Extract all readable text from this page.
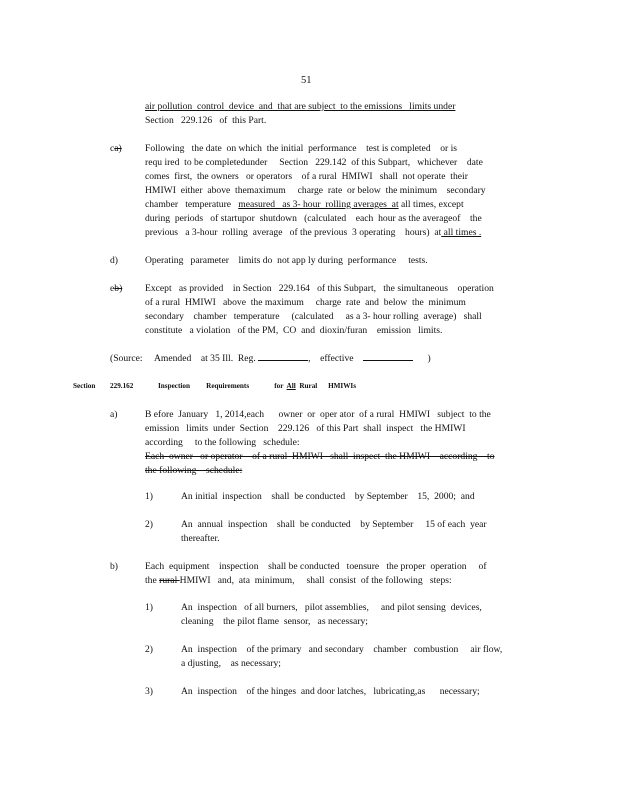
51
air pollution  control  device  and  that are subject  to the emissions   limits under
Section   229.126   of  this Part.
ca) Following   the date  on which  the initial  performance    test is completed    or is
requ ired  to be completedunder     Section   229.142  of this Subpart,   whichever    date
comes  first,  the owners   or operators    of a rural  HMIWI   shall  not operate  their
HMIWI  either  above  themaximum     charge  rate  or below  the minimum    secondary
chamber   temperature measured   as 3- hour  rolling averages  at all times, except
during  periods   of startupor  shutdown   (calculated    each  hour as the averageof    the
previous   a 3-hour  rolling  average   of the previous  3 operating    hours)  at all times .
d)	Operating   parameter    limits do  not app ly during  performance     tests.
eb) Except   as provided    in Section   229.164   of this Subpart,   the simultaneous    operation
of a rural  HMIWI   above  the maximum     charge  rate  and  below  the  minimum
secondary    chamber   temperature     (calculated     as a 3- hour rolling  average)   shall
constitute   a violation   of the PM,  CO  and  dioxin/furan    emission   limits.
(Source:     Amended    at 35 Ill.  Reg.	,    effective	)
Section 229.162	Inspection         Requirements              for All Rural HMIWIs
a)	B efore  January   1, 2014,each      owner  or  oper ator  of a rural  HMIWI   subject  to the
emission   limits  under  Section    229.126   of this Part  shall  inspect   the HMIWI
according     to the following   schedule:
Each  owner   or operator    of a rural  HMIWI   shall  inspect  the HMIWI    according    to
the following    schedule:
1)	An initial  inspection    shall  be conducted    by September    15,  2000;  and
2)	An  annual  inspection    shall  be conducted    by September     15 of each  year
thereafter.
b)	Each  equipment    inspection    shall be conducted   toensure   the proper  operation     of
the rural HMIWI   and,  ata  minimum,     shall  consist  of the following   steps:
1)	An  inspection   of all burners,   pilot assemblies,     and pilot sensing  devices,
cleaning    the pilot flame  sensor,   as necessary;
2)	An  inspection    of the primary   and secondary    chamber   combustion     air flow,
a djusting,    as necessary;
3)	An  inspection    of the hinges  and door latches,   lubricating,as      necessary;
